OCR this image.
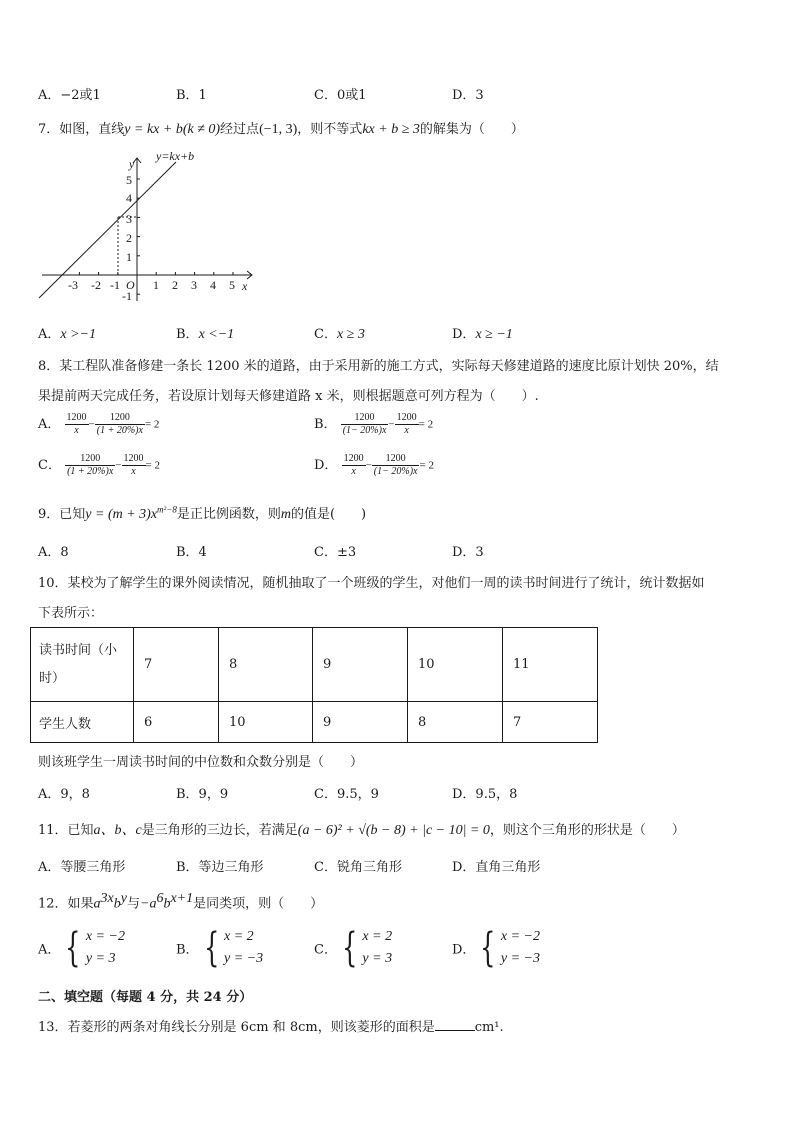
A．−2或1	B．1	C．0或1	D．3
7．如图，直线y = kx + b(k ≠ 0)经过点(−1, 3)，则不等式kx + b ≥ 3的解集为（　　）
y=kx+b
y
x
O
-3 -2 -1	1 2 3 4 5
5
4
3
2
1
-1
A．x >−1	B．x <−1	C．x ≥ 3	D．x ≥ −1
8．某工程队准备修建一条长 1200 米的道路，由于采用新的施工方式，实际每天修建道路的速度比原计划快 20%，结
果提前两天完成任务，若设原计划每天修建道路 x 米，则根据题意可列方程为（　　）.
A． $\frac{1200}{x} - \frac{1200}{(1 + 20\%)x} = 2$	B． $\frac{1200}{(1- 20\%)x} - \frac{1200}{x} = 2$
C． $\frac{1200}{(1 + 20\%)x} - \frac{1200}{x} = 2$	D． $\frac{1200}{x} - \frac{1200}{(1- 20\%)x} = 2$
9．已知$y = (m + 3)x^{m^2-8}$是正比例函数，则m的值是(　　)
A．8	B．4	C．±3	D．3
10．某校为了解学生的课外阅读情况，随机抽取了一个班级的学生，对他们一周的读书时间进行了统计，统计数据如
下表所示：
读书时间（小时）	7	8	9	10	11
学生人数	6	10	9	8	7
则该班学生一周读书时间的中位数和众数分别是（　　）
A．9，8	B．9，9	C．9.5，9	D．9.5，8
11．已知a、b、c是三角形的三边长，若满足(a − 6)² + √(b − 8) + |c − 10| = 0，则这个三角形的形状是（　　）
A．等腰三角形	B．等边三角形	C．锐角三角形	D．直角三角形
12．如果$a^{3x}b^y$与$-a^6b^{x+1}$是同类项，则（　　）
A． { x = −2
y = 3
B． { x = 2
y = −3
C． { x = 2
y = 3
D． { x = −2
y = −3
二、填空题（每题 4 分，共 24 分）
13．若菱形的两条对角线长分别是 6cm 和 8cm，则该菱形的面积是	cm¹.
